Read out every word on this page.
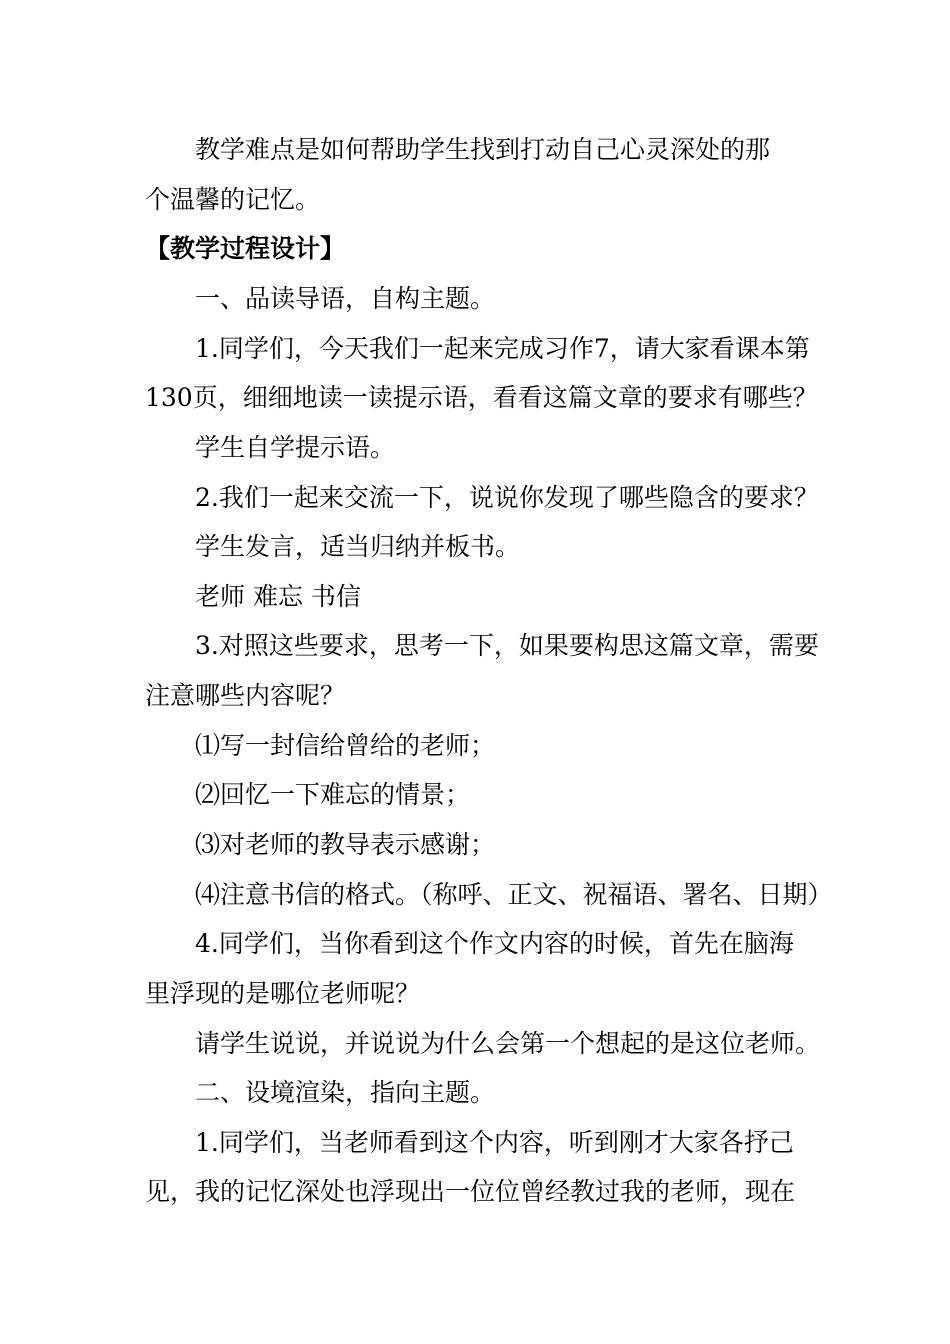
教学难点是如何帮助学生找到打动自己心灵深处的那
个温馨的记忆。
【教学过程设计】
一、品读导语，自构主题。
1.同学们，今天我们一起来完成习作7，请大家看课本第
130页，细细地读一读提示语，看看这篇文章的要求有哪些？
学生自学提示语。
2.我们一起来交流一下，说说你发现了哪些隐含的要求？
学生发言，适当归纳并板书。
老师 难忘 书信
3.对照这些要求，思考一下，如果要构思这篇文章，需要
注意哪些内容呢？
⑴写一封信给曾给的老师；
⑵回忆一下难忘的情景；
⑶对老师的教导表示感谢；
⑷注意书信的格式。（称呼、正文、祝福语、署名、日期）
4.同学们，当你看到这个作文内容的时候，首先在脑海
里浮现的是哪位老师呢？
请学生说说，并说说为什么会第一个想起的是这位老师。
二、设境渲染，指向主题。
1.同学们，当老师看到这个内容，听到刚才大家各抒己
见，我的记忆深处也浮现出一位位曾经教过我的老师，现在
